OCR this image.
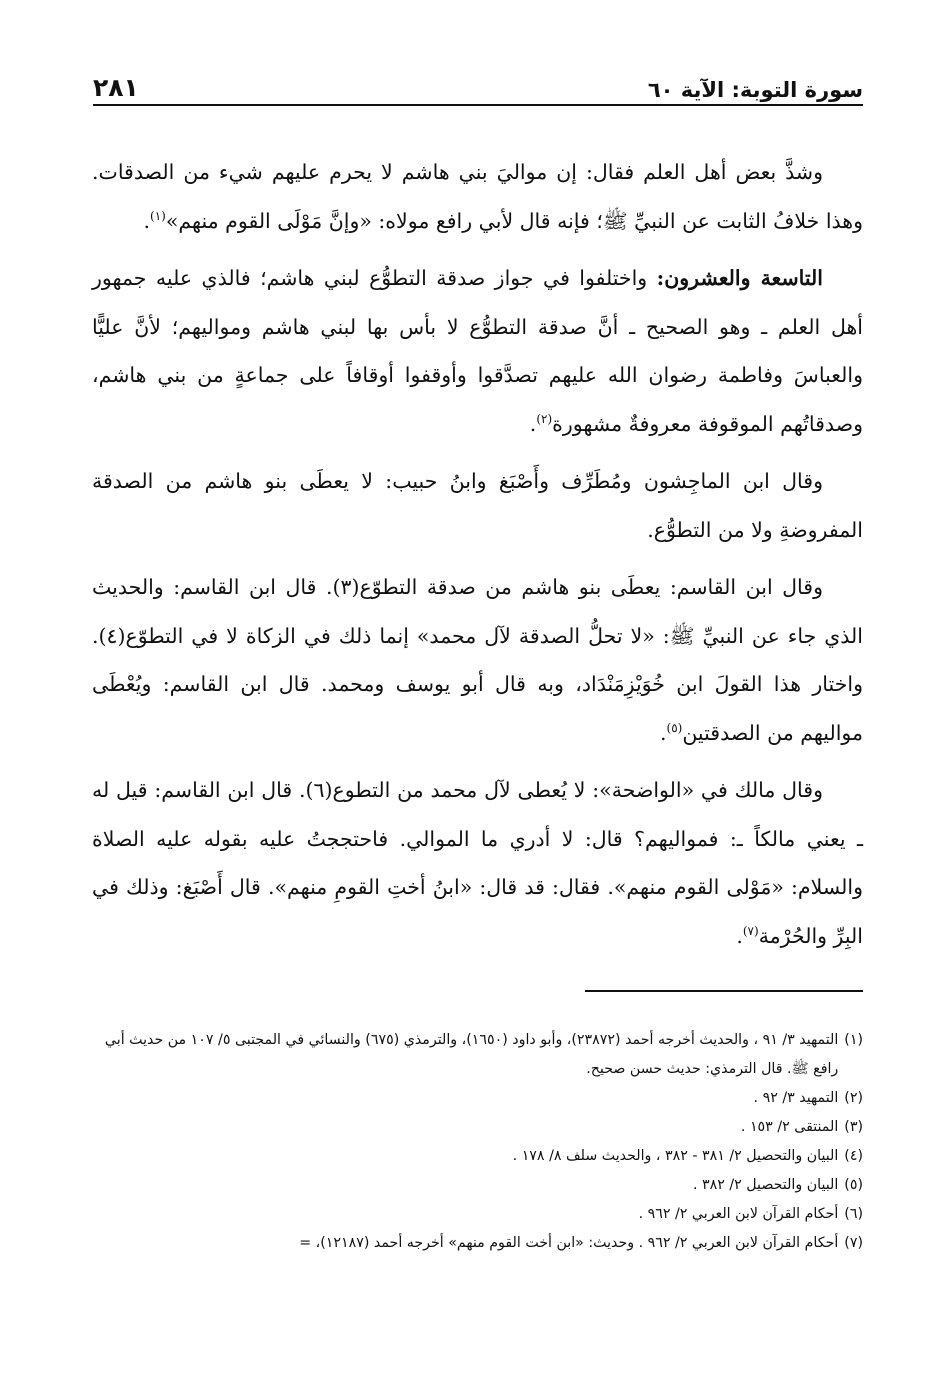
سورة التوبة: الآية ٦٠
٢٨١

وشذَّ بعض أهل العلم فقال: إن مواليَ بني هاشم لا يحرم عليهم شيء من الصدقات. وهذا خلافُ الثابت عن النبيِّ ﷺ؛ فإنه قال لأبي رافع مولاه: «وإنَّ مَوْلَى القوم منهم»$^{(١)}$.

التاسعة والعشرون: واختلفوا في جواز صدقة التطوُّع لبني هاشم؛ فالذي عليه جمهور أهل العلم ـ وهو الصحيح ـ أنَّ صدقة التطوُّع لا بأس بها لبني هاشم ومواليهم؛ لأنَّ عليًّا والعباسَ وفاطمة رضوان الله عليهم تصدَّقوا وأوقفوا أوقافاً على جماعةٍ من بني هاشم، وصدقاتُهم الموقوفة معروفةٌ مشهورة$^{(٢)}$.

وقال ابن الماجِشون ومُطَرِّف وأَصْبَغ وابنُ حبيب: لا يعطَى بنو هاشم من الصدقة المفروضةِ ولا من التطوُّع.

وقال ابن القاسم: يعطَى بنو هاشم من صدقة التطوّع(٣). قال ابن القاسم: والحديث الذي جاء عن النبيِّ ﷺ: «لا تحلُّ الصدقة لآل محمد» إنما ذلك في الزكاة لا في التطوّع(٤). واختار هذا القولَ ابن خُوَيْزِمَنْدَاد، وبه قال أبو يوسف ومحمد. قال ابن القاسم: ويُعْطَى مواليهم من الصدقتين$^{(٥)}$.

وقال مالك في «الواضحة»: لا يُعطى لآل محمد من التطوع(٦). قال ابن القاسم: قيل له ـ يعني مالكاً ـ: فمواليهم؟ قال: لا أدري ما الموالي. فاحتججتُ عليه بقوله عليه الصلاة والسلام: «مَوْلى القوم منهم». فقال: قد قال: «ابنُ أختِ القومِ منهم». قال أَصْبَغ: وذلك في البِرِّ والحُرْمة$^{(٧)}$.

(١)
التمهيد ٣/ ٩١ ، والحديث أخرجه أحمد (٢٣٨٧٢)، وأبو داود (١٦٥٠)، والترمذي (٦٧٥) والنسائي في المجتبى ٥/ ١٠٧ من حديث أبي رافع ﷺ. قال الترمذي: حديث حسن صحيح.
(٢)
التمهيد ٣/ ٩٢ .
(٣)
المنتقى ٢/ ١٥٣ .
(٤)
البيان والتحصيل ٢/ ٣٨١ - ٣٨٢ ، والحديث سلف ٨/ ١٧٨ .
(٥)
البيان والتحصيل ٢/ ٣٨٢ .
(٦)
أحكام القرآن لابن العربي ٢/ ٩٦٢ .
(٧)
أحكام القرآن لابن العربي ٢/ ٩٦٢ . وحديث: «ابن أخت القوم منهم» أخرجه أحمد (١٢١٨٧)، =
